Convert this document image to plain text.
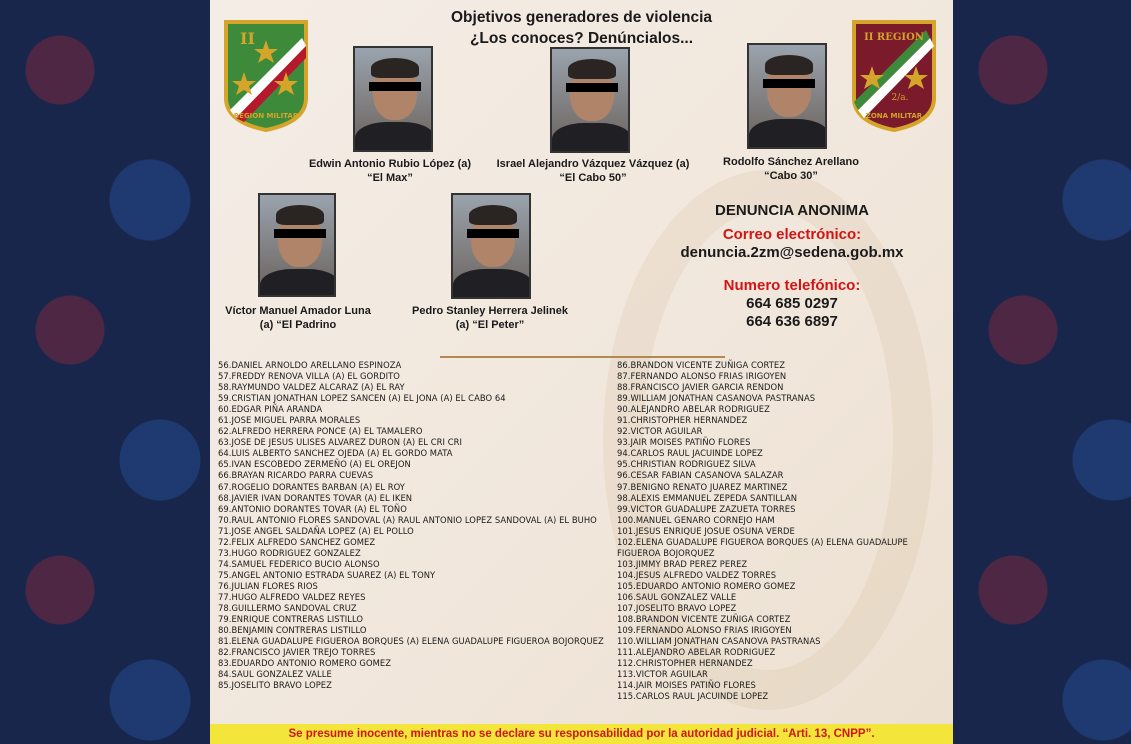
Objetivos generadores de violencia
¿Los conoces? Denúncialos...
II
REGION MILITAR
II REGION
2/a.
ZONA MILITAR
Edwin Antonio Rubio López (a)
“El Max”
Israel Alejandro Vázquez Vázquez (a)
“El Cabo 50”
Rodolfo Sánchez Arellano
“Cabo 30”
Víctor Manuel Amador Luna
(a) “El Padrino
Pedro Stanley Herrera Jelinek
(a) “El Peter”
DENUNCIA ANONIMA
Correo electrónico:
denuncia.2zm@sedena.gob.mx
Numero telefónico:
664 685 0297
664 636 6897
56.DANIEL ARNOLDO ARELLANO ESPINOZA
57.FREDDY RENOVA VILLA (A) EL GORDITO
58.RAYMUNDO VALDEZ ALCARAZ (A) EL RAY
59.CRISTIAN JONATHAN LOPEZ SANCEN (A) EL JONA (A) EL CABO 64
60.EDGAR PIÑA ARANDA
61.JOSE MIGUEL PARRA MORALES
62.ALFREDO HERRERA PONCE (A) EL TAMALERO
63.JOSE DE JESUS ULISES ALVAREZ DURON (A) EL CRI CRI
64.LUIS ALBERTO SANCHEZ OJEDA (A) EL GORDO MATA
65.IVAN ESCOBEDO ZERMEÑO (A) EL OREJON
66.BRAYAN RICARDO PARRA CUEVAS
67.ROGELIO DORANTES BARBAN (A) EL ROY
68.JAVIER IVAN DORANTES TOVAR (A) EL IKEN
69.ANTONIO DORANTES TOVAR (A) EL TOÑO
70.RAUL ANTONIO FLORES SANDOVAL (A) RAUL ANTONIO LOPEZ SANDOVAL (A) EL BUHO
71.JOSE ANGEL SALDAÑA LOPEZ (A) EL POLLO
72.FELIX ALFREDO SANCHEZ GOMEZ
73.HUGO RODRIGUEZ GONZALEZ
74.SAMUEL FEDERICO BUCIO ALONSO
75.ANGEL ANTONIO ESTRADA SUAREZ (A) EL TONY
76.JULIAN FLORES RIOS
77.HUGO ALFREDO VALDEZ REYES
78.GUILLERMO SANDOVAL CRUZ
79.ENRIQUE CONTRERAS LISTILLO
80.BENJAMIN CONTRERAS LISTILLO
81.ELENA GUADALUPE FIGUEROA BORQUES (A) ELENA GUADALUPE FIGUEROA BOJORQUEZ
82.FRANCISCO JAVIER TREJO TORRES
83.EDUARDO ANTONIO ROMERO GOMEZ
84.SAUL GONZALEZ VALLE
85.JOSELITO BRAVO LOPEZ
86.BRANDON VICENTE ZUÑIGA CORTEZ
87.FERNANDO ALONSO FRIAS IRIGOYEN
88.FRANCISCO JAVIER GARCIA RENDON
89.WILLIAM JONATHAN CASANOVA PASTRANAS
90.ALEJANDRO ABELAR RODRIGUEZ
91.CHRISTOPHER HERNANDEZ
92.VICTOR AGUILAR
93.JAIR MOISES PATIÑO FLORES
94.CARLOS RAUL JACUINDE LOPEZ
95.CHRISTIAN RODRIGUEZ SILVA
96.CESAR FABIAN CASANOVA SALAZAR
97.BENIGNO RENATO JUAREZ MARTINEZ
98.ALEXIS EMMANUEL ZEPEDA SANTILLAN
99.VICTOR GUADALUPE ZAZUETA TORRES
100.MANUEL GENARO CORNEJO HAM
101.JESUS ENRIQUE JOSUE OSUNA VERDE
102.ELENA GUADALUPE FIGUEROA BORQUES (A) ELENA GUADALUPE FIGUEROA BOJORQUEZ
103.JIMMY BRAD PEREZ PEREZ
104.JESUS ALFREDO VALDEZ TORRES
105.EDUARDO ANTONIO ROMERO GOMEZ
106.SAUL GONZALEZ VALLE
107.JOSELITO BRAVO LOPEZ
108.BRANDON VICENTE ZUÑIGA CORTEZ
109.FERNANDO ALONSO FRIAS IRIGOYEN
110.WILLIAM JONATHAN CASANOVA PASTRANAS
111.ALEJANDRO ABELAR RODRIGUEZ
112.CHRISTOPHER HERNANDEZ
113.VICTOR AGUILAR
114.JAIR MOISES PATIÑO FLORES
115.CARLOS RAUL JACUINDE LOPEZ
Se presume inocente, mientras no se declare su responsabilidad por la autoridad judicial. “Arti. 13, CNPP”.
